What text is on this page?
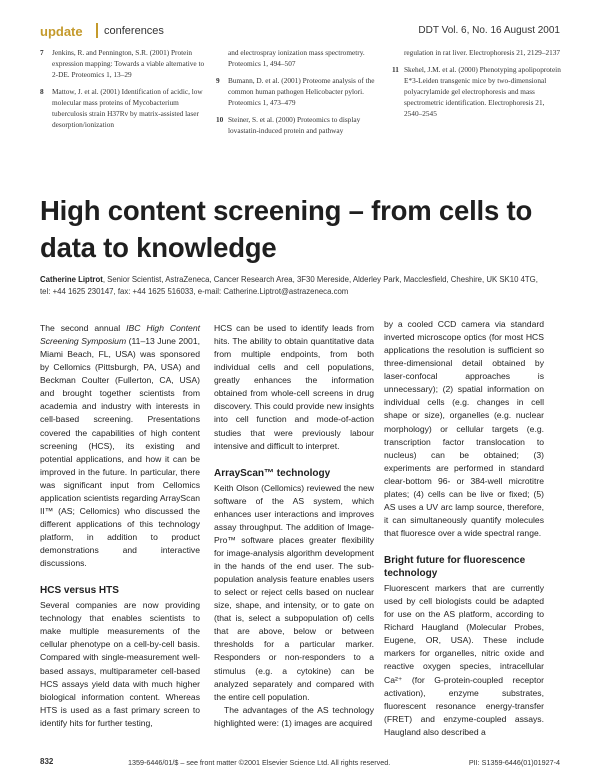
update conferences	DDT Vol. 6, No. 16 August 2001
7 Jenkins, R. and Pennington, S.R. (2001) Protein expression mapping: Towards a viable alternative to 2-DE. Proteomics 1, 13–29
8 Mattow, J. et al. (2001) Identification of acidic, low molecular mass proteins of Mycobacterium tuberculosis strain H37Rv by matrix-assisted laser desorption/ionization
and electrospray ionization mass spectrometry. Proteomics 1, 494–507
9 Bumann, D. et al. (2001) Proteome analysis of the common human pathogen Helicobacter pylori. Proteomics 1, 473–479
10 Steiner, S. et al. (2000) Proteomics to display lovastatin-induced protein and pathway
regulation in rat liver. Electrophoresis 21, 2129–2137
11 Skehel, J.M. et al. (2000) Phenotyping apolipoprotein E*3-Leiden transgenic mice by two-dimensional polyacrylamide gel electrophoresis and mass spectrometric identification. Electrophoresis 21, 2540–2545
High content screening – from cells to data to knowledge
Catherine Liptrot, Senior Scientist, AstraZeneca, Cancer Research Area, 3F30 Mereside, Alderley Park, Macclesfield, Cheshire, UK SK10 4TG,
tel: +44 1625 230147, fax: +44 1625 516033, e-mail: Catherine.Liptrot@astrazeneca.com

The second annual IBC High Content Screening Symposium (11–13 June 2001, Miami Beach, FL, USA) was sponsored by Cellomics (Pittsburgh, PA, USA) and Beckman Coulter (Fullerton, CA, USA) and brought together scientists from academia and industry with interests in cell-based screening. Presentations covered the capabilities of high content screening (HCS), its existing and potential applications, and how it can be improved in the future. In particular, there was significant input from Cellomics application scientists regarding ArrayScan II™ (AS; Cellomics) who discussed the different applications of this technology platform, in addition to product demonstrations and interactive discussions.

HCS versus HTS

Several companies are now providing technology that enables scientists to make multiple measurements of the cellular phenotype on a cell-by-cell basis. Compared with single-measurement well-based assays, multiparameter cell-based HCS assays yield data with much higher biological information content. Whereas HTS is used as a fast primary screen to identify hits for further testing,

HCS can be used to identify leads from hits. The ability to obtain quantitative data from multiple endpoints, from both individual cells and cell populations, greatly enhances the information obtained from whole-cell screens in drug discovery. This could provide new insights into cell function and mode-of-action studies that were previously labour intensive and difficult to interpret.

ArrayScan™ technology

Keith Olson (Cellomics) reviewed the new software of the AS system, which enhances user interactions and improves assay throughput. The addition of Image-Pro™ software places greater flexibility for image-analysis algorithm development in the hands of the end user. The sub-population analysis feature enables users to select or reject cells based on nuclear size, shape, and intensity, or to gate on (that is, select a subpopulation of) cells that are above, below or between thresholds for a particular marker. Responders or non-responders to a stimulus (e.g. a cytokine) can be analyzed separately and compared with the entire cell population.

The advantages of the AS technology highlighted were: (1) images are acquired

by a cooled CCD camera via standard inverted microscope optics (for most HCS applications the resolution is sufficient so three-dimensional detail obtained by laser-confocal approaches is unnecessary); (2) spatial information on individual cells (e.g. changes in cell shape or size), organelles (e.g. nuclear morphology) or cellular targets (e.g. transcription factor translocation to nucleus) can be obtained; (3) experiments are performed in standard clear-bottom 96- or 384-well microtitre plates; (4) cells can be live or fixed; (5) AS uses a UV arc lamp source, therefore, it can simultaneously quantify molecules that fluoresce over a wide spectral range.

Bright future for fluorescence technology

Fluorescent markers that are currently used by cell biologists could be adapted for use on the AS platform, according to Richard Haugland (Molecular Probes, Eugene, OR, USA). These include markers for organelles, nitric oxide and reactive oxygen species, intracellular Ca²⁺ (for G-protein-coupled receptor activation), enzyme substrates, fluorescent resonance energy-transfer (FRET) and enzyme-coupled assays. Haugland also described a

832	1359-6446/01/$ – see front matter ©2001 Elsevier Science Ltd. All rights reserved.	PII: S1359-6446(01)01927-4
